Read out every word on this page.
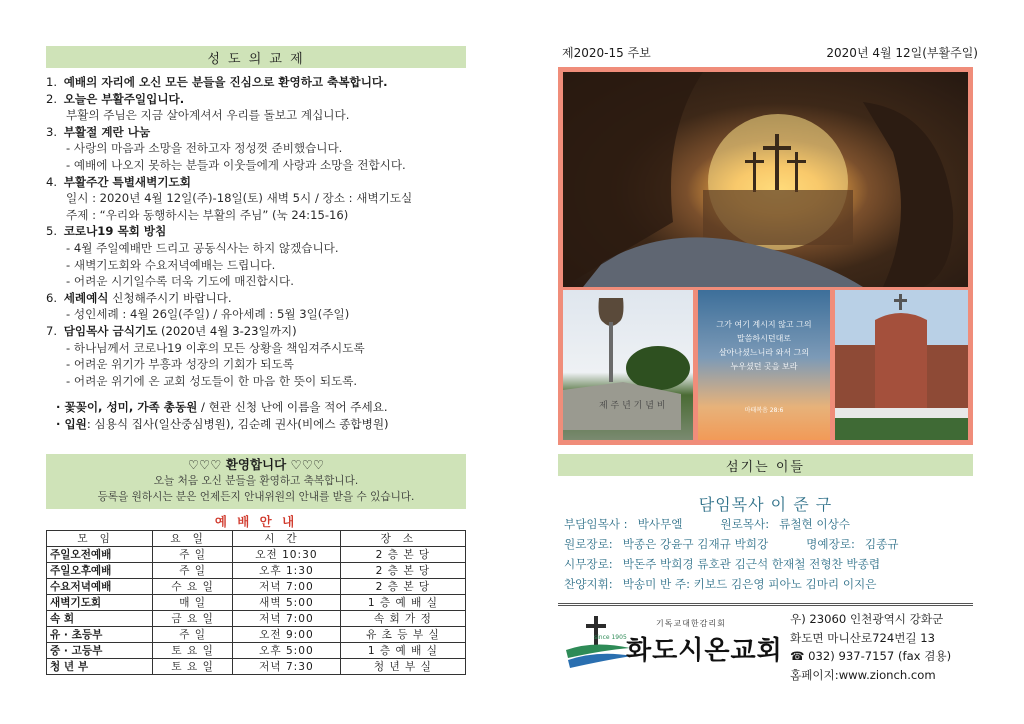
성 도 의 교 제
1. 예배의 자리에 오신 모든 분들을 진심으로 환영하고 축복합니다.
2. 오늘은 부활주일입니다.
부활의 주님은 지금 살아계셔서 우리를 돌보고 계십니다.
3. 부활절 계란 나눔
- 사랑의 마음과 소망을 전하고자 정성껏 준비했습니다.
- 예배에 나오지 못하는 분들과 이웃들에게 사랑과 소망을 전합시다.
4. 부활주간 특별새벽기도회
일시 : 2020년 4월 12일(주)-18일(토) 새벽 5시 / 장소 : 새벽기도실
주제 : “우리와 동행하시는 부활의 주님” (눅 24:15-16)
5. 코로나19 목회 방침
- 4월 주일예배만 드리고 공동식사는 하지 않겠습니다.
- 새벽기도회와 수요저녁예배는 드립니다.
- 어려운 시기일수록 더욱 기도에 매진합시다.
6. 세례예식 신청해주시기 바랍니다.
- 성인세례 : 4월 26일(주일) / 유아세례 : 5월 3일(주일)
7. 담임목사 금식기도 (2020년 4월 3-23일까지)
- 하나님께서 코로나19 이후의 모든 상황을 책임져주시도록
- 어려운 위기가 부흥과 성장의 기회가 되도록
- 어려운 위기에 온 교회 성도들이 한 마음 한 뜻이 되도록.
· 꽃꽂이, 성미, 가족 총동원 / 현관 신청 난에 이름을 적어 주세요.
· 입원: 심용식 집사(일산중심병원), 김순례 권사(비에스 종합병원)
♡♡♡ 환영합니다 ♡♡♡
오늘 처음 오신 분들을 환영하고 축복합니다.
등록을 원하시는 분은 언제든지 안내위원의 안내를 받을 수 있습니다.
예 배 안 내
모임	요일	시간	장소
주일오전예배	주 일	오전 10:30	2 층 본 당
주일오후예배	주 일	오후 1:30	2 층 본 당
수요저녁예배	수 요 일	저녁 7:00	2 층 본 당
새벽기도회	매 일	새벽 5:00	1 층 예 배 실
속 회	금 요 일	저녁 7:00	속 회 가 정
유 · 초등부	주 일	오전 9:00	유 초 등 부 실
중 · 고등부	토 요 일	오후 5:00	1 층 예 배 실
청 년 부	토 요 일	저녁 7:30	청 년 부 실
제2020-15 주보	2020년 4월 12일(부활주일)
제 주 년 기 념 비
그가 여기 계시지 않고 그의
말씀하시던대로
살아나셨느니라 와서 그의
누우셨던 곳을 보라
마태복음 28:6
섬기는 이들
담임목사 이 준 구
부담임목사 : 박사무엘	원로목사: 류철현 이상수
원로장로: 박종은 강윤구 김재규 박희강	명예장로: 김종규
시무장로: 박돈주 박희경 류호관 김근석 한재철 전형찬 박종렵
찬양지휘: 박송미 반 주: 키보드 김은영 피아노 김마리 이지은
기독교대한감리회
since 1905 화도시온교회
우) 23060 인천광역시 강화군
화도면 마니산로724번길 13
☎ 032) 937-7157 (fax 겸용)
홈페이지:www.zionch.com
